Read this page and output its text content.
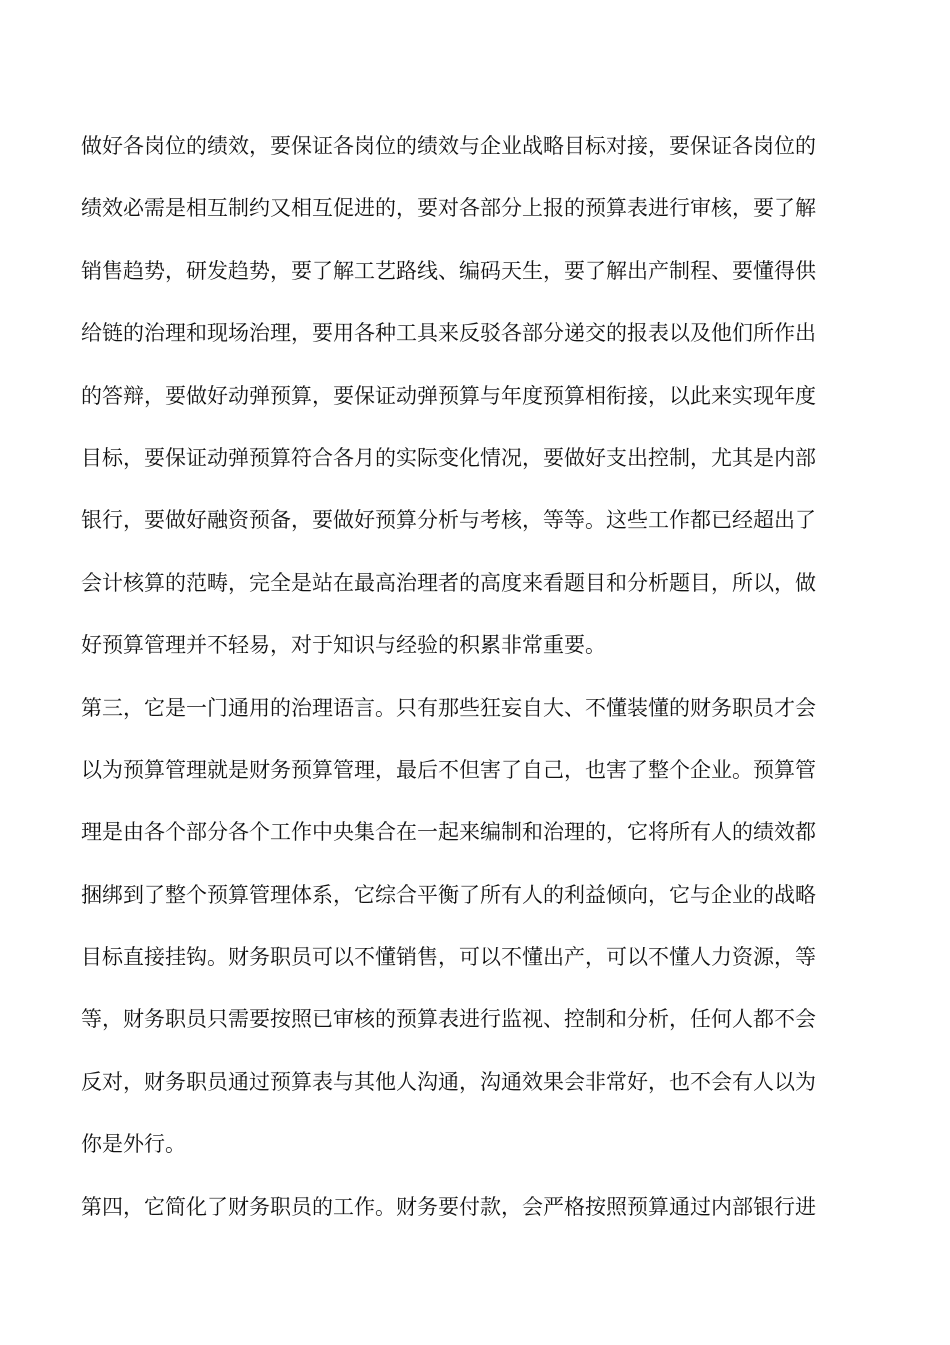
做好各岗位的绩效，要保证各岗位的绩效与企业战略目标对接，要保证各岗位的

绩效必需是相互制约又相互促进的，要对各部分上报的预算表进行审核，要了解

销售趋势，研发趋势，要了解工艺路线、编码天生，要了解出产制程、要懂得供

给链的治理和现场治理，要用各种工具来反驳各部分递交的报表以及他们所作出

的答辩，要做好动弹预算，要保证动弹预算与年度预算相衔接，以此来实现年度

目标，要保证动弹预算符合各月的实际变化情况，要做好支出控制，尤其是内部

银行，要做好融资预备，要做好预算分析与考核，等等。这些工作都已经超出了

会计核算的范畴，完全是站在最高治理者的高度来看题目和分析题目，所以，做

好预算管理并不轻易，对于知识与经验的积累非常重要。

第三，它是一门通用的治理语言。只有那些狂妄自大、不懂装懂的财务职员才会

以为预算管理就是财务预算管理，最后不但害了自己，也害了整个企业。预算管

理是由各个部分各个工作中央集合在一起来编制和治理的，它将所有人的绩效都

捆绑到了整个预算管理体系，它综合平衡了所有人的利益倾向，它与企业的战略

目标直接挂钩。财务职员可以不懂销售，可以不懂出产，可以不懂人力资源，等

等，财务职员只需要按照已审核的预算表进行监视、控制和分析，任何人都不会

反对，财务职员通过预算表与其他人沟通，沟通效果会非常好，也不会有人以为

你是外行。

第四，它简化了财务职员的工作。财务要付款，会严格按照预算通过内部银行进
